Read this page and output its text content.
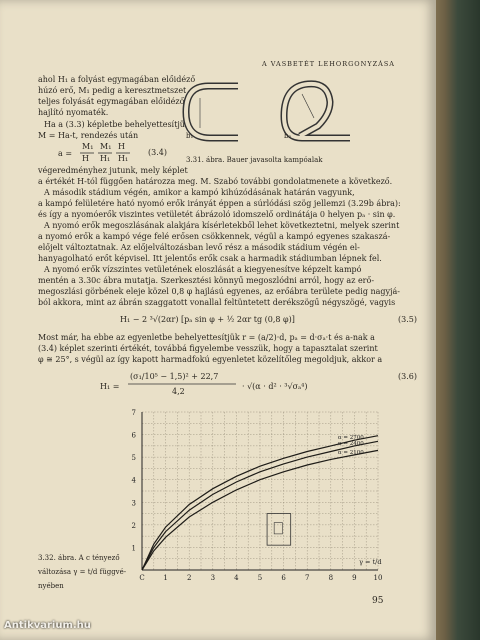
A VASBETÉT LEHORGONYZÁSA
ahol H₁ a folyást egymagában előidéző
húzó erő, M₁ pedig a keresztmetszet
teljes folyását egymagában előidéző
hajlító nyomaték.
Ha a (3.3) képletbe behelyettesítjük
M = Ha-t, rendezés után
a =
M₁
H
M₁
H₁
H
H₁
(3.4)
b₁	b₂
3.31. ábra. Bauer javasolta kampóalak
végeredményhez jutunk, mely képlet
a értékét H-tól függően határozza meg. M. Szabó további gondolatmenete a következő.
A második stádium végén, amikor a kampó kihúzódásának határán vagyunk,
a kampó felületére ható nyomó erők irányát éppen a súrlódási szög jellemzi (3.29b ábra):
és így a nyomóerők viszintes vetületét ábrázoló idomszelő ordinátája 0 helyen pₐ · sin φ.
A nyomó erők megoszlásának alakjára kísérletekből lehet következtetni, melyek szerint
a nyomó erők a kampó vége felé erősen csökkennek, végül a kampó egyenes szakaszá-
előjelt változtatnak. Az előjelváltozásban levő rész a második stádium végén el-
hanyagolható erőt képvisel. Itt jelentős erők csak a harmadik stádiumban lépnek fel.
A nyomó erők vízszintes vetületének eloszlását a kiegyenesítve képzelt kampó
mentén a 3.30c ábra mutatja. Szerkesztési könnyű megoszlódni arról, hogy az erő-
megoszlási görbének eleje közel 0,8 φ hajlású egyenes, az erőábra területe pedig nagyjá-
ból akkora, mint az ábrán szaggatott vonallal feltüntetett derékszögű négyszögé, vagyis
H₁ − 2 ³√(2αr) [pₐ sin φ + ½ 2αr tg (0,8 φ)]	(3.5)
Most már, ha ebbe az egyenletbe behelyettesítjük r = (a/2)·d, pₐ = d·σₐ·t és a-nak a
(3.4) képlet szerinti értékét, továbbá figyelembe vesszük, hogy a tapasztalat szerint
φ ≅ 25°, s végül az így kapott harmadfokú egyenletet közelítőleg megoldjuk, akkor a
H₁ =
(σ₁/10⁵ − 1,5)² + 22,7
4,2
· √(α · d² · ³√σₐ⁴)
(3.6)
C	1	2	3	4	5	6	7	8	9 10
1
2
3
4
5
6
7
α = 2700
α = 2400
α = 2100
γ = t/d
3.32. ábra. A c tényező
változása γ = t/d függvé-
nyében
95
Antikvarium.hu
